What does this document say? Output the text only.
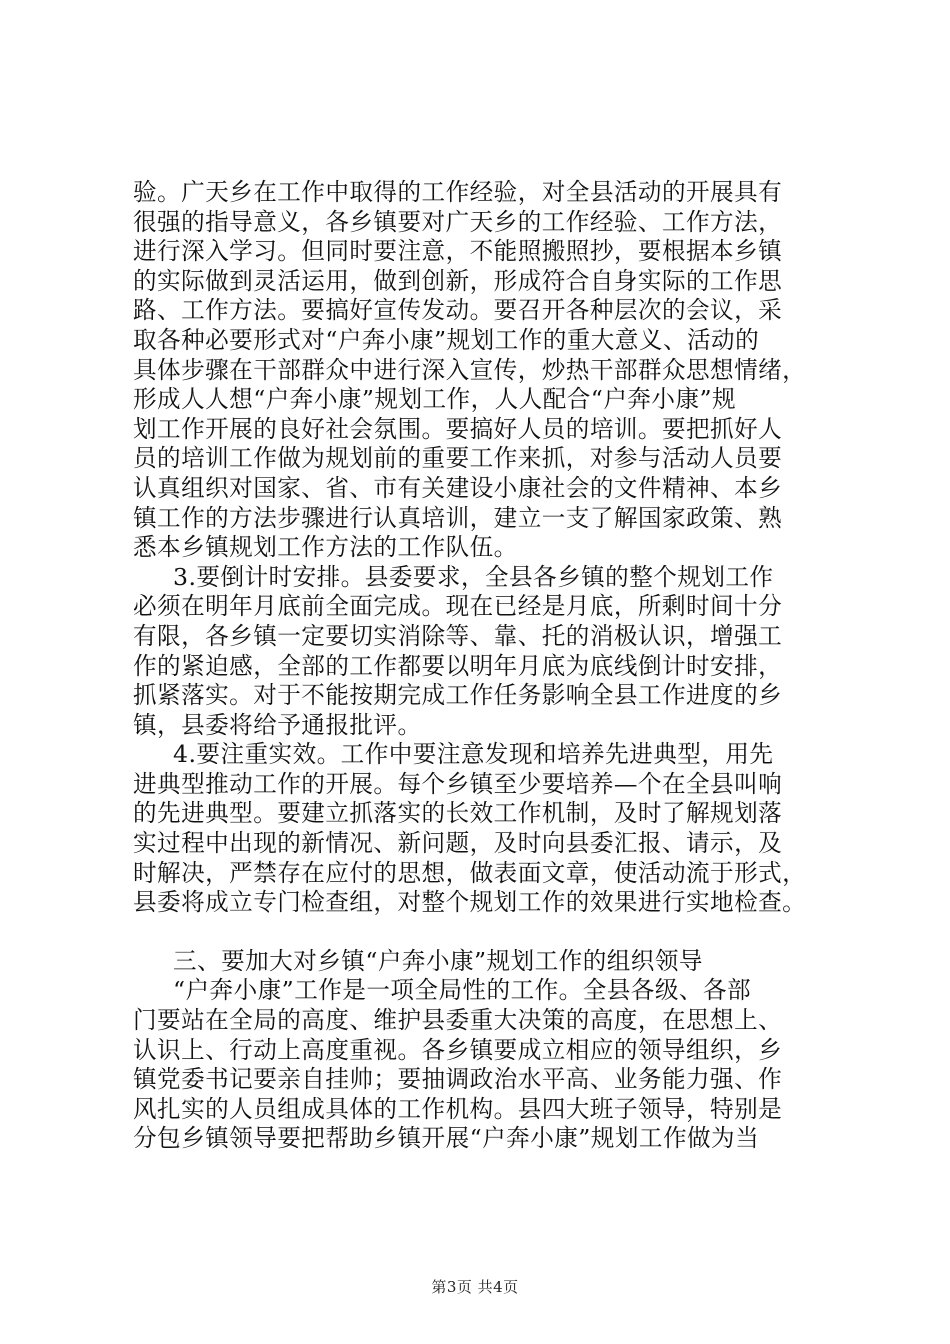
验。广天乡在工作中取得的工作经验，对全县活动的开展具有
很强的指导意义，各乡镇要对广天乡的工作经验、工作方法，
进行深入学习。但同时要注意，不能照搬照抄，要根据本乡镇
的实际做到灵活运用，做到创新，形成符合自身实际的工作思
路、工作方法。要搞好宣传发动。要召开各种层次的会议，采
取各种必要形式对“户奔小康”规划工作的重大意义、活动的
具体步骤在干部群众中进行深入宣传，炒热干部群众思想情绪，
形成人人想“户奔小康”规划工作，人人配合“户奔小康”规
划工作开展的良好社会氛围。要搞好人员的培训。要把抓好人
员的培训工作做为规划前的重要工作来抓，对参与活动人员要
认真组织对国家、省、市有关建设小康社会的文件精神、本乡
镇工作的方法步骤进行认真培训，建立一支了解国家政策、熟
悉本乡镇规划工作方法的工作队伍。

3.要倒计时安排。县委要求，全县各乡镇的整个规划工作
必须在明年月底前全面完成。现在已经是月底，所剩时间十分
有限，各乡镇一定要切实消除等、靠、托的消极认识，增强工
作的紧迫感，全部的工作都要以明年月底为底线倒计时安排，
抓紧落实。对于不能按期完成工作任务影响全县工作进度的乡
镇，县委将给予通报批评。

4.要注重实效。工作中要注意发现和培养先进典型，用先
进典型推动工作的开展。每个乡镇至少要培养—个在全县叫响
的先进典型。要建立抓落实的长效工作机制，及时了解规划落
实过程中出现的新情况、新问题，及时向县委汇报、请示，及
时解决，严禁存在应付的思想，做表面文章，使活动流于形式，
县委将成立专门检查组，对整个规划工作的效果进行实地检查。

三、要加大对乡镇“户奔小康”规划工作的组织领导

“户奔小康”工作是一项全局性的工作。全县各级、各部
门要站在全局的高度、维护县委重大决策的高度，在思想上、
认识上、行动上高度重视。各乡镇要成立相应的领导组织，乡
镇党委书记要亲自挂帅；要抽调政治水平高、业务能力强、作
风扎实的人员组成具体的工作机构。县四大班子领导，特别是
分包乡镇领导要把帮助乡镇开展“户奔小康”规划工作做为当

第3页 共4页
